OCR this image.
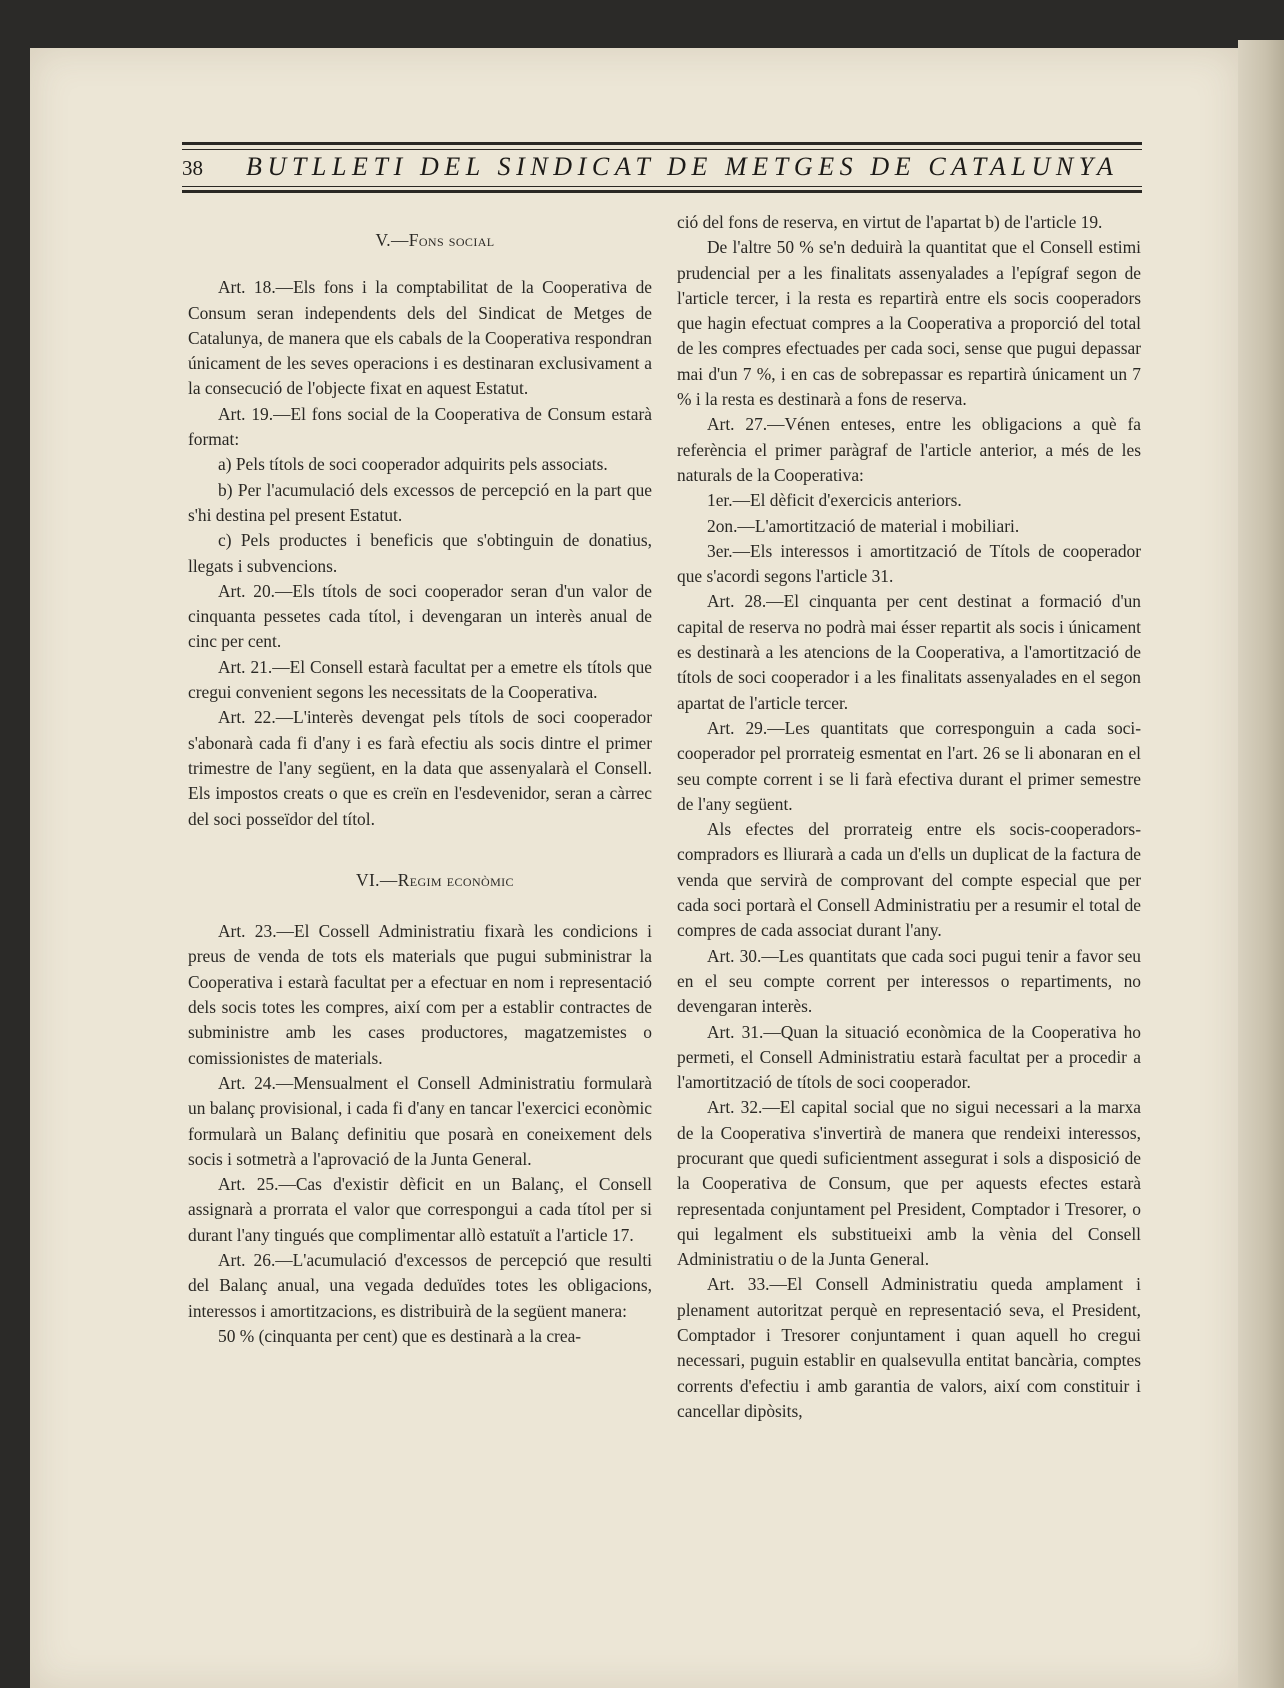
38 BUTLLETI DEL SINDICAT DE METGES DE CATALUNYA

V.—Fons social

Art. 18.—Els fons i la comptabilitat de la Cooperativa de Consum seran independents dels del Sindicat de Metges de Catalunya, de manera que els cabals de la Cooperativa respondran únicament de les seves operacions i es destinaran exclusivament a la consecució de l'objecte fixat en aquest Estatut.

Art. 19.—El fons social de la Cooperativa de Consum estarà format:

a) Pels títols de soci cooperador adquirits pels associats.

b) Per l'acumulació dels excessos de percepció en la part que s'hi destina pel present Estatut.

c) Pels productes i beneficis que s'obtinguin de donatius, llegats i subvencions.

Art. 20.—Els títols de soci cooperador seran d'un valor de cinquanta pessetes cada títol, i devengaran un interès anual de cinc per cent.

Art. 21.—El Consell estarà facultat per a emetre els títols que cregui convenient segons les necessitats de la Cooperativa.

Art. 22.—L'interès devengat pels títols de soci cooperador s'abonarà cada fi d'any i es farà efectiu als socis dintre el primer trimestre de l'any següent, en la data que assenyalarà el Consell. Els impostos creats o que es creïn en l'esdevenidor, seran a càrrec del soci posseïdor del títol.

VI.—Regim econòmic

Art. 23.—El Cossell Administratiu fixarà les condicions i preus de venda de tots els materials que pugui subministrar la Cooperativa i estarà facultat per a efectuar en nom i representació dels socis totes les compres, així com per a establir contractes de subministre amb les cases productores, magatzemistes o comissionistes de materials.

Art. 24.—Mensualment el Consell Administratiu formularà un balanç provisional, i cada fi d'any en tancar l'exercici econòmic formularà un Balanç definitiu que posarà en coneixement dels socis i sotmetrà a l'aprovació de la Junta General.

Art. 25.—Cas d'existir dèficit en un Balanç, el Consell assignarà a prorrata el valor que correspongui a cada títol per si durant l'any tingués que complimentar allò estatuït a l'article 17.

Art. 26.—L'acumulació d'excessos de percepció que resulti del Balanç anual, una vegada deduïdes totes les obligacions, interessos i amortitzacions, es distribuirà de la següent manera:

50 % (cinquanta per cent) que es destinarà a la crea-

ció del fons de reserva, en virtut de l'apartat b) de l'article 19.

De l'altre 50 % se'n deduirà la quantitat que el Consell estimi prudencial per a les finalitats assenyalades a l'epígraf segon de l'article tercer, i la resta es repartirà entre els socis cooperadors que hagin efectuat compres a la Cooperativa a proporció del total de les compres efectuades per cada soci, sense que pugui depassar mai d'un 7 %, i en cas de sobrepassar es repartirà únicament un 7 % i la resta es destinarà a fons de reserva.

Art. 27.—Vénen enteses, entre les obligacions a què fa referència el primer paràgraf de l'article anterior, a més de les naturals de la Cooperativa:

1er.—El dèficit d'exercicis anteriors.

2on.—L'amortització de material i mobiliari.

3er.—Els interessos i amortització de Títols de cooperador que s'acordi segons l'article 31.

Art. 28.—El cinquanta per cent destinat a formació d'un capital de reserva no podrà mai ésser repartit als socis i únicament es destinarà a les atencions de la Cooperativa, a l'amortització de títols de soci cooperador i a les finalitats assenyalades en el segon apartat de l'article tercer.

Art. 29.—Les quantitats que corresponguin a cada soci-cooperador pel prorrateig esmentat en l'art. 26 se li abonaran en el seu compte corrent i se li farà efectiva durant el primer semestre de l'any següent.

Als efectes del prorrateig entre els socis-cooperadors-compradors es lliurarà a cada un d'ells un duplicat de la factura de venda que servirà de comprovant del compte especial que per cada soci portarà el Consell Administratiu per a resumir el total de compres de cada associat durant l'any.

Art. 30.—Les quantitats que cada soci pugui tenir a favor seu en el seu compte corrent per interessos o repartiments, no devengaran interès.

Art. 31.—Quan la situació econòmica de la Cooperativa ho permeti, el Consell Administratiu estarà facultat per a procedir a l'amortització de títols de soci cooperador.

Art. 32.—El capital social que no sigui necessari a la marxa de la Cooperativa s'invertirà de manera que rendeixi interessos, procurant que quedi suficientment assegurat i sols a disposició de la Cooperativa de Consum, que per aquests efectes estarà representada conjuntament pel President, Comptador i Tresorer, o qui legalment els substitueixi amb la vènia del Consell Administratiu o de la Junta General.

Art. 33.—El Consell Administratiu queda amplament i plenament autoritzat perquè en representació seva, el President, Comptador i Tresorer conjuntament i quan aquell ho cregui necessari, puguin establir en qualsevulla entitat bancària, comptes corrents d'efectiu i amb garantia de valors, així com constituir i cancellar dipòsits,
